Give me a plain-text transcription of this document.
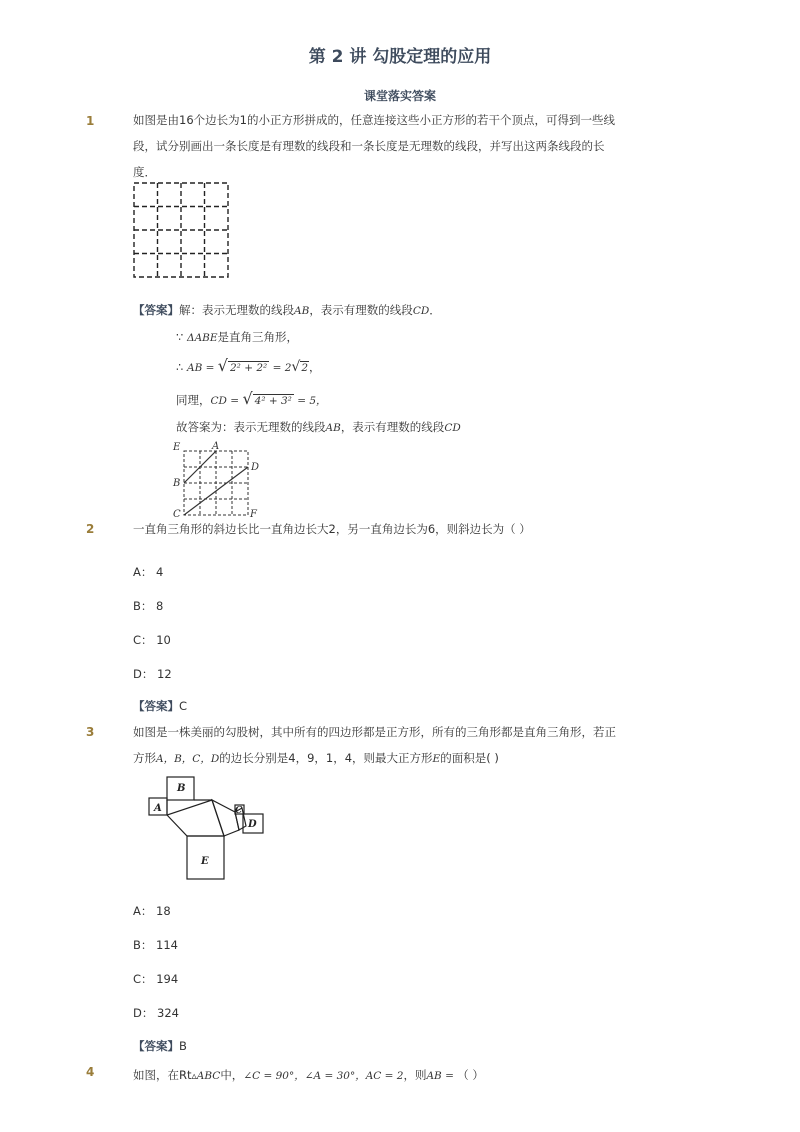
第 2 讲 勾股定理的应用
课堂落实答案
1	如图是由16个边长为1的小正方形拼成的，任意连接这些小正方形的若干个顶点，可得到一些线
段，试分别画出一条长度是有理数的线段和一条长度是无理数的线段，并写出这两条线段的长
度．
【答案】解：表示无理数的线段AB，表示有理数的线段CD．
∵ ΔABE是直角三角形，
∴ AB = √ 2² + 2² = 2√2，
同理，CD = √ 4² + 3² = 5，
故答案为：表示无理数的线段AB，表示有理数的线段CD
E	A
D
B
C	F
2	一直角三角形的斜边长比一直角边长大2，另一直角边长为6，则斜边长为（ ）
A： 4
B： 8
C： 10
D： 12
【答案】C
3	如图是一株美丽的勾股树，其中所有的四边形都是正方形，所有的三角形都是直角三角形，若正
方形A，B，C，D的边长分别是4，9，1，4，则最大正方形E的面积是( )
A
B
C
D
E
A： 18
B： 114
C： 194
D： 324
【答案】B
4	如图，在Rt▵ABC中，∠C = 90°，∠A = 30°，AC = 2，则AB = （ ）
